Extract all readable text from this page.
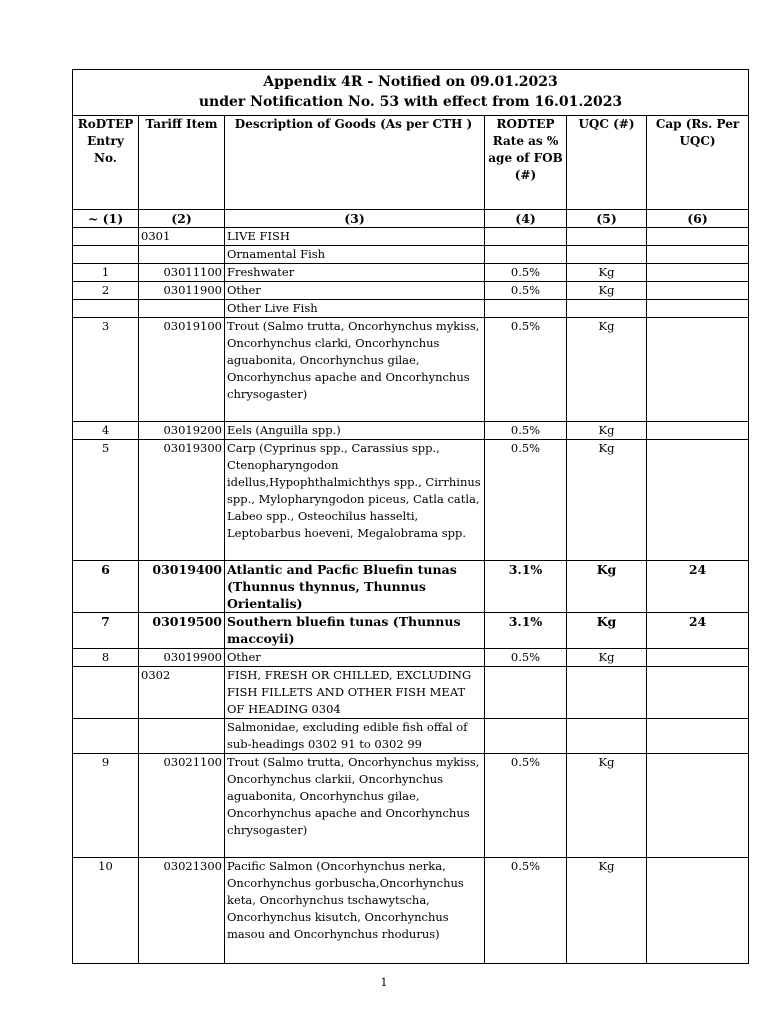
Appendix 4R - Notified on 09.01.2023
under Notification No. 53 with effect from 16.01.2023					

RoDTEP Entry No.	Tariff Item	Description of Goods (As per CTH )	RODTEP Rate as % age of FOB (#)	UQC (#)	Cap (Rs. Per UQC)
~ (1)	(2)	(3)	(4)	(5)	(6)
	0301	LIVE FISH			
		Ornamental Fish			
1	03011100	Freshwater	0.5%	Kg	
2	03011900	Other	0.5%	Kg	
		Other Live Fish			
3	03019100	Trout (Salmo trutta, Oncorhynchus mykiss, Oncorhynchus clarki, Oncorhynchus aguabonita, Oncorhynchus gilae, Oncorhynchus apache and Oncorhynchus chrysogaster)	0.5%	Kg	
4	03019200	Eels (Anguilla spp.)	0.5%	Kg	
5	03019300	Carp (Cyprinus spp., Carassius spp., Ctenopharyngodon idellus,Hypophthalmichthys spp., Cirrhinus spp., Mylopharyngodon piceus, Catla catla, Labeo spp., Osteochilus hasselti, Leptobarbus hoeveni, Megalobrama spp.	0.5%	Kg	
6	03019400	Atlantic and Pacfic Bluefin tunas (Thunnus thynnus, Thunnus Orientalis)	3.1%	Kg	24
7	03019500	Southern bluefin tunas (Thunnus maccoyii)	3.1%	Kg	24
8	03019900	Other	0.5%	Kg	
	0302	FISH, FRESH OR CHILLED, EXCLUDING FISH FILLETS AND OTHER FISH MEAT OF HEADING 0304			
		Salmonidae, excluding edible fish offal of sub-headings 0302 91 to 0302 99			
9	03021100	Trout (Salmo trutta, Oncorhynchus mykiss, Oncorhynchus clarkii, Oncorhynchus aguabonita, Oncorhynchus gilae, Oncorhynchus apache and Oncorhynchus chrysogaster)	0.5%	Kg	
10	03021300	Pacific Salmon (Oncorhynchus nerka, Oncorhynchus gorbuscha,Oncorhynchus keta, Oncorhynchus tschawytscha, Oncorhynchus kisutch, Oncorhynchus masou and Oncorhynchus rhodurus)	0.5%	Kg	
1
